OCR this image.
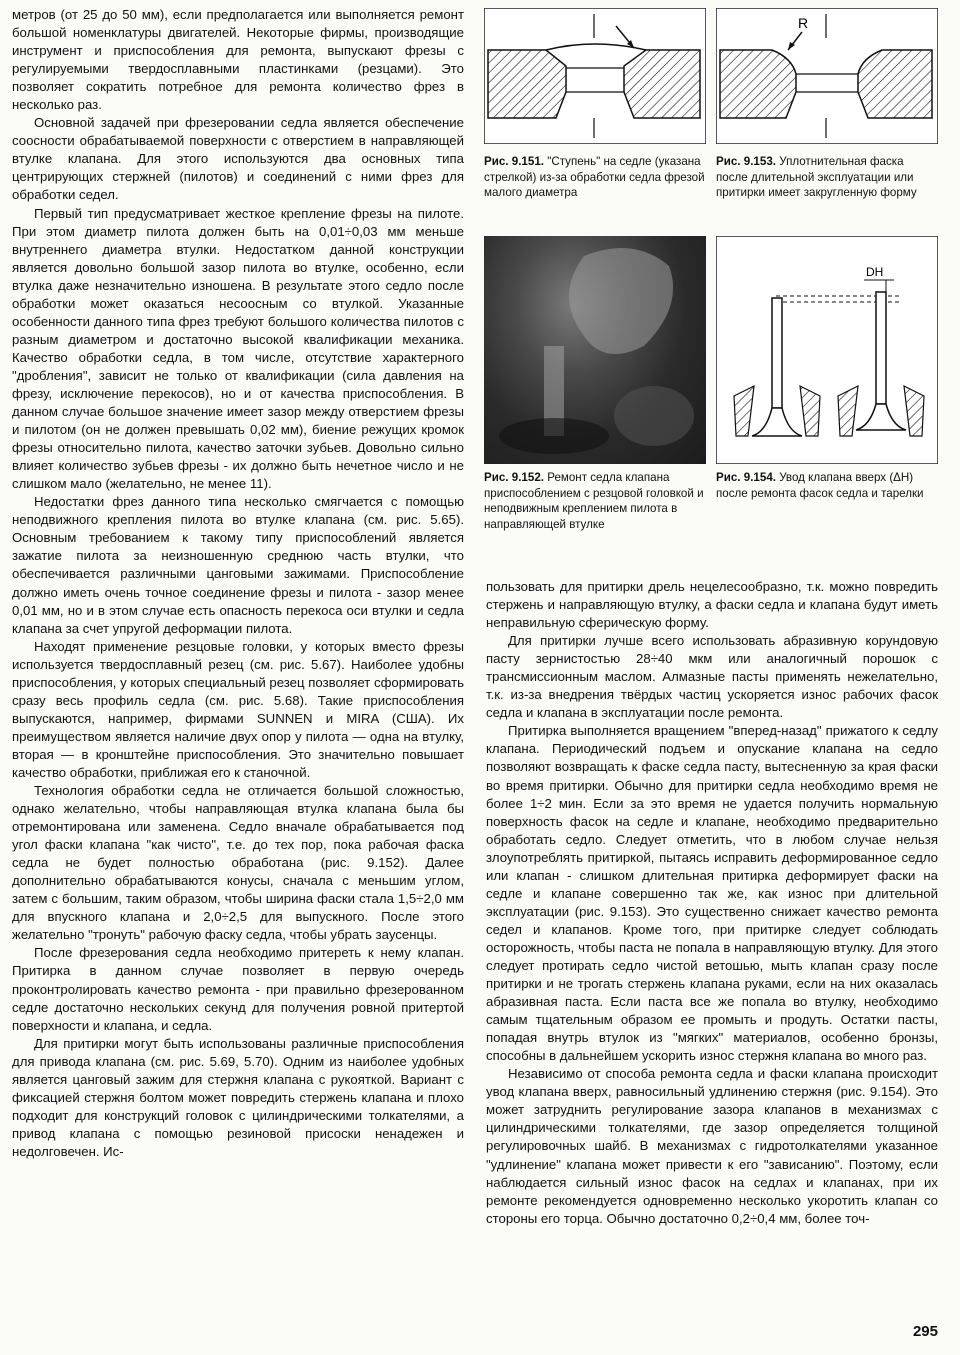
метров (от 25 до 50 мм), если предполагается или выполняется ремонт большой номенклатуры двигателей. Некоторые фирмы, производящие инструмент и приспособления для ремонта, выпускают фрезы с регулируемыми твердосплавными пластинками (резцами). Это позволяет сократить потребное для ремонта количество фрез в несколько раз.

Основной задачей при фрезеровании седла является обеспечение соосности обрабатываемой поверхности с отверстием в направляющей втулке клапана. Для этого используются два основных типа центрирующих стержней (пилотов) и соединений с ними фрез для обработки седел.

Первый тип предусматривает жесткое крепление фрезы на пилоте. При этом диаметр пилота должен быть на 0,01÷0,03 мм меньше внутреннего диаметра втулки. Недостатком данной конструкции является довольно большой зазор пилота во втулке, особенно, если втулка даже незначительно изношена. В результате этого седло после обработки может оказаться несоосным со втулкой. Указанные особенности данного типа фрез требуют большого количества пилотов с разным диаметром и достаточно высокой квалификации механика. Качество обработки седла, в том числе, отсутствие характерного "дробления", зависит не только от квалификации (сила давления на фрезу, исключение перекосов), но и от качества приспособления. В данном случае большое значение имеет зазор между отверстием фрезы и пилотом (он не должен превышать 0,02 мм), биение режущих кромок фрезы относительно пилота, качество заточки зубьев. Довольно сильно влияет количество зубьев фрезы - их должно быть нечетное число и не слишком мало (желательно, не менее 11).

Недостатки фрез данного типа несколько смягчается с помощью неподвижного крепления пилота во втулке клапана (см. рис. 5.65). Основным требованием к такому типу приспособлений является зажатие пилота за неизношенную среднюю часть втулки, что обеспечивается различными цанговыми зажимами. Приспособление должно иметь очень точное соединение фрезы и пилота - зазор менее 0,01 мм, но и в этом случае есть опасность перекоса оси втулки и седла клапана за счет упругой деформации пилота.

Находят применение резцовые головки, у которых вместо фрезы используется твердосплавный резец (см. рис. 5.67). Наиболее удобны приспособления, у которых специальный резец позволяет сформировать сразу весь профиль седла (см. рис. 5.68). Такие приспособления выпускаются, например, фирмами SUNNEN и MIRA (США). Их преимуществом является наличие двух опор у пилота — одна на втулку, вторая — в кронштейне приспособления. Это значительно повышает качество обработки, приближая его к станочной.

Технология обработки седла не отличается большой сложностью, однако желательно, чтобы направляющая втулка клапана была бы отремонтирована или заменена. Седло вначале обрабатывается под угол фаски клапана "как чисто", т.е. до тех пор, пока рабочая фаска седла не будет полностью обработана (рис. 9.152). Далее дополнительно обрабатываются конусы, сначала с меньшим углом, затем с большим, таким образом, чтобы ширина фаски стала 1,5÷2,0 мм для впускного клапана и 2,0÷2,5 для выпускного. После этого желательно "тронуть" рабочую фаску седла, чтобы убрать заусенцы.

После фрезерования седла необходимо притереть к нему клапан. Притирка в данном случае позволяет в первую очередь проконтролировать качество ремонта - при правильно фрезерованном седле достаточно нескольких секунд для получения ровной притертой поверхности и клапана, и седла.

Для притирки могут быть использованы различные приспособления для привода клапана (см. рис. 5.69, 5.70). Одним из наиболее удобных является цанговый зажим для стержня клапана с рукояткой. Вариант с фиксацией стержня болтом может повредить стержень клапана и плохо подходит для конструкций головок с цилиндрическими толкателями, а привод клапана с помощью резиновой присоски ненадежен и недолговечен. Ис-

R
Рис. 9.151. "Ступень" на седле (указана стрелкой) из-за обработки седла фрезой малого диаметра
Рис. 9.153. Уплотнительная фаска после длительной эксплуатации или притирки имеет закругленную форму
DH
Рис. 9.152. Ремонт седла клапана приспособлением с резцовой головкой и неподвижным креплением пилота в направляющей втулке
Рис. 9.154. Увод клапана вверх (ΔН) после ремонта фасок седла и тарелки

пользовать для притирки дрель нецелесообразно, т.к. можно повредить стержень и направляющую втулку, а фаски седла и клапана будут иметь неправильную сферическую форму.

Для притирки лучше всего использовать абразивную корундовую пасту зернистостью 28÷40 мкм или аналогичный порошок с трансмиссионным маслом. Алмазные пасты применять нежелательно, т.к. из-за внедрения твёрдых частиц ускоряется износ рабочих фасок седла и клапана в эксплуатации после ремонта.

Притирка выполняется вращением "вперед-назад" прижатого к седлу клапана. Периодический подъем и опускание клапана на седло позволяют возвращать к фаске седла пасту, вытесненную за края фаски во время притирки. Обычно для притирки седла необходимо время не более 1÷2 мин. Если за это время не удается получить нормальную поверхность фасок на седле и клапане, необходимо предварительно обработать седло. Следует отметить, что в любом случае нельзя злоупотреблять притиркой, пытаясь исправить деформированное седло или клапан - слишком длительная притирка деформирует фаски на седле и клапане совершенно так же, как износ при длительной эксплуатации (рис. 9.153). Это существенно снижает качество ремонта седел и клапанов. Кроме того, при притирке следует соблюдать осторожность, чтобы паста не попала в направляющую втулку. Для этого следует протирать седло чистой ветошью, мыть клапан сразу после притирки и не трогать стержень клапана руками, если на них оказалась абразивная паста. Если паста все же попала во втулку, необходимо самым тщательным образом ее промыть и продуть. Остатки пасты, попадая внутрь втулок из "мягких" материалов, особенно бронзы, способны в дальнейшем ускорить износ стержня клапана во много раз.

Независимо от способа ремонта седла и фаски клапана происходит увод клапана вверх, равносильный удлинению стержня (рис. 9.154). Это может затруднить регулирование зазора клапанов в механизмах с цилиндрическими толкателями, где зазор определяется толщиной регулировочных шайб. В механизмах с гидротолкателями указанное "удлинение" клапана может привести к его "зависанию". Поэтому, если наблюдается сильный износ фасок на седлах и клапанах, при их ремонте рекомендуется одновременно несколько укоротить клапан со стороны его торца. Обычно достаточно 0,2÷0,4 мм, более точ-

295
